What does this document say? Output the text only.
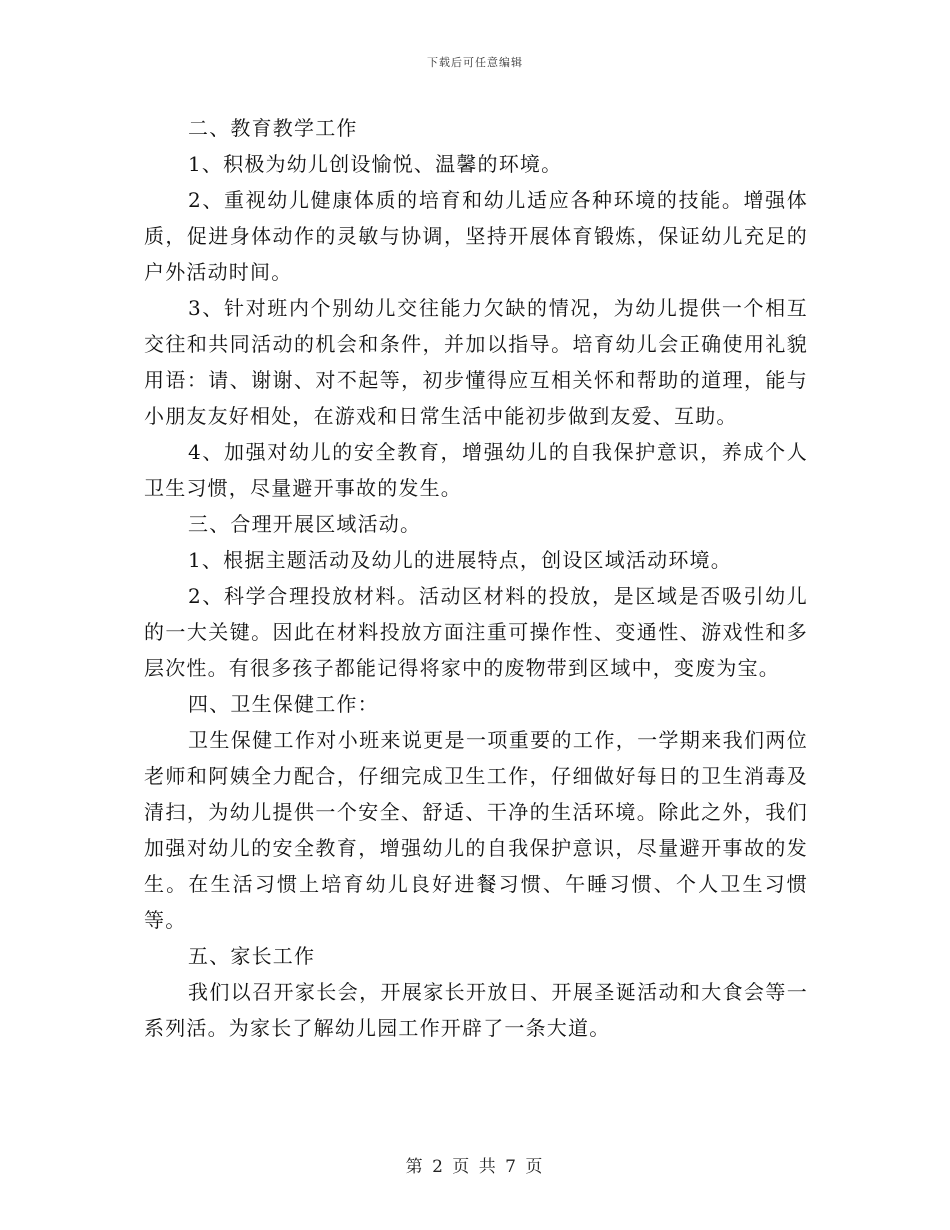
下载后可任意编辑

二、教育教学工作

1、积极为幼儿创设愉悦、温馨的环境。

2、重视幼儿健康体质的培育和幼儿适应各种环境的技能。增强体质，促进身体动作的灵敏与协调，坚持开展体育锻炼，保证幼儿充足的户外活动时间。

3、针对班内个别幼儿交往能力欠缺的情况，为幼儿提供一个相互交往和共同活动的机会和条件，并加以指导。培育幼儿会正确使用礼貌用语：请、谢谢、对不起等，初步懂得应互相关怀和帮助的道理，能与小朋友友好相处，在游戏和日常生活中能初步做到友爱、互助。

4、加强对幼儿的安全教育，增强幼儿的自我保护意识，养成个人卫生习惯，尽量避开事故的发生。

三、合理开展区域活动。

1、根据主题活动及幼儿的进展特点，创设区域活动环境。

2、科学合理投放材料。活动区材料的投放，是区域是否吸引幼儿的一大关键。因此在材料投放方面注重可操作性、变通性、游戏性和多层次性。有很多孩子都能记得将家中的废物带到区域中，变废为宝。

四、卫生保健工作：

卫生保健工作对小班来说更是一项重要的工作，一学期来我们两位老师和阿姨全力配合，仔细完成卫生工作，仔细做好每日的卫生消毒及清扫，为幼儿提供一个安全、舒适、干净的生活环境。除此之外，我们加强对幼儿的安全教育，增强幼儿的自我保护意识，尽量避开事故的发生。在生活习惯上培育幼儿良好进餐习惯、午睡习惯、个人卫生习惯等。

五、家长工作

我们以召开家长会，开展家长开放日、开展圣诞活动和大食会等一系列活。为家长了解幼儿园工作开辟了一条大道。

第 2 页 共 7 页
